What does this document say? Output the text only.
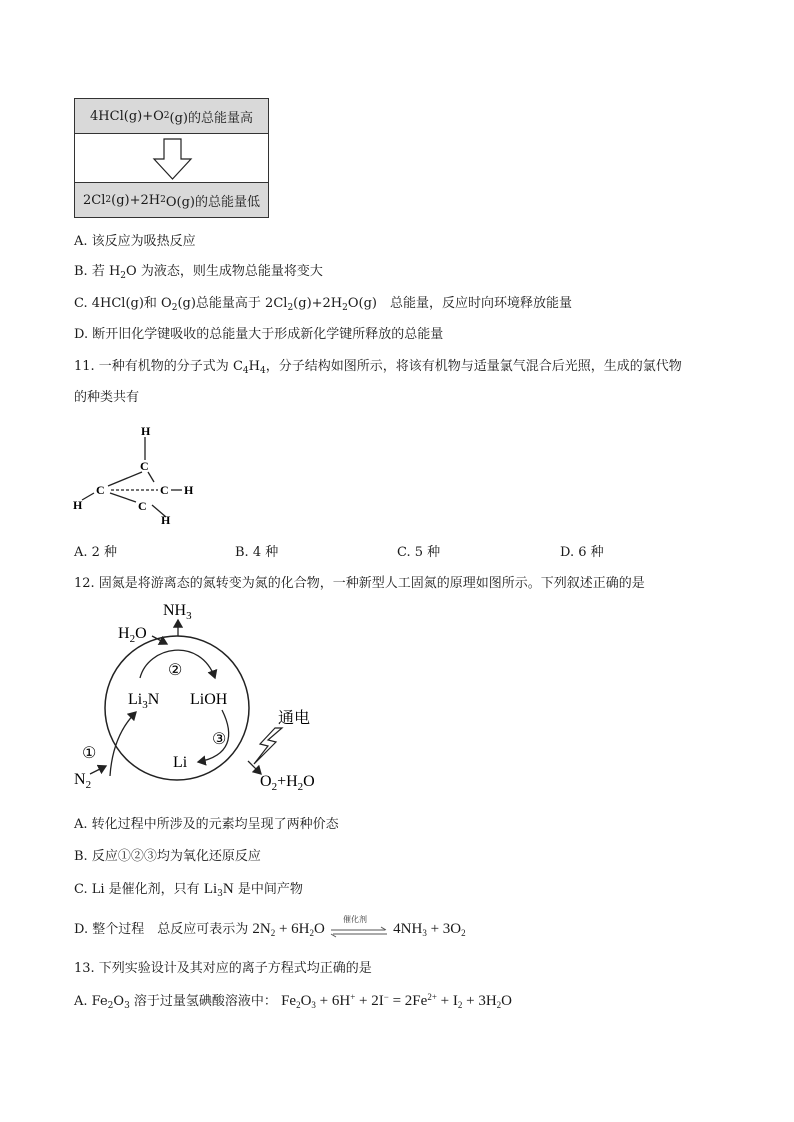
4HCl(g)+O 2 (g)的总能量高
2Cl 2 (g)+2H 2 O(g)的总能量低
A. 该反应为吸热反应
B. 若 $H_2O$ 为液态，则生成物总能量将变大
C. 4HCl(g)和 $O_2(g)$总能量高于 $2Cl_2(g)+2H_2O(g)$　总能量，反应时向环境释放能量
D. 断开旧化学键吸收的总能量大于形成新化学键所释放的总能量
11. 一种有机物的分子式为 $C_4H_4$，分子结构如图所示，将该有机物与适量氯气混合后光照，生成的氯代物
的种类共有
H
C
C	C
C
H
H
H
A. 2 种	B. 4 种	C. 5 种	D. 6 种
12. 固氮是将游离态的氮转变为氮的化合物，一种新型人工固氮的原理如图所示。下列叙述正确的是
$NH_3$
$H_2O$
②
$Li_3N$ LiOH
③
Li
①
$N_2$	$O_2+H_2O$
通电
A. 转化过程中所涉及的元素均呈现了两种价态
B. 反应①②③均为氧化还原反应
C. Li 是催化剂，只有 $Li_3N$ 是中间产物
D. 整个过程　总反应可表示为 $2N_2 + 6H_2O$
催化剂
$4NH_3 + 3O_2$
13. 下列实验设计及其对应的离子方程式均正确的是
A. $Fe_2O_3$ 溶于过量氢碘酸溶液中： $Fe_2O_3 + 6H^+ + 2I^- = 2Fe^{2+} + I_2 + 3H_2O$
